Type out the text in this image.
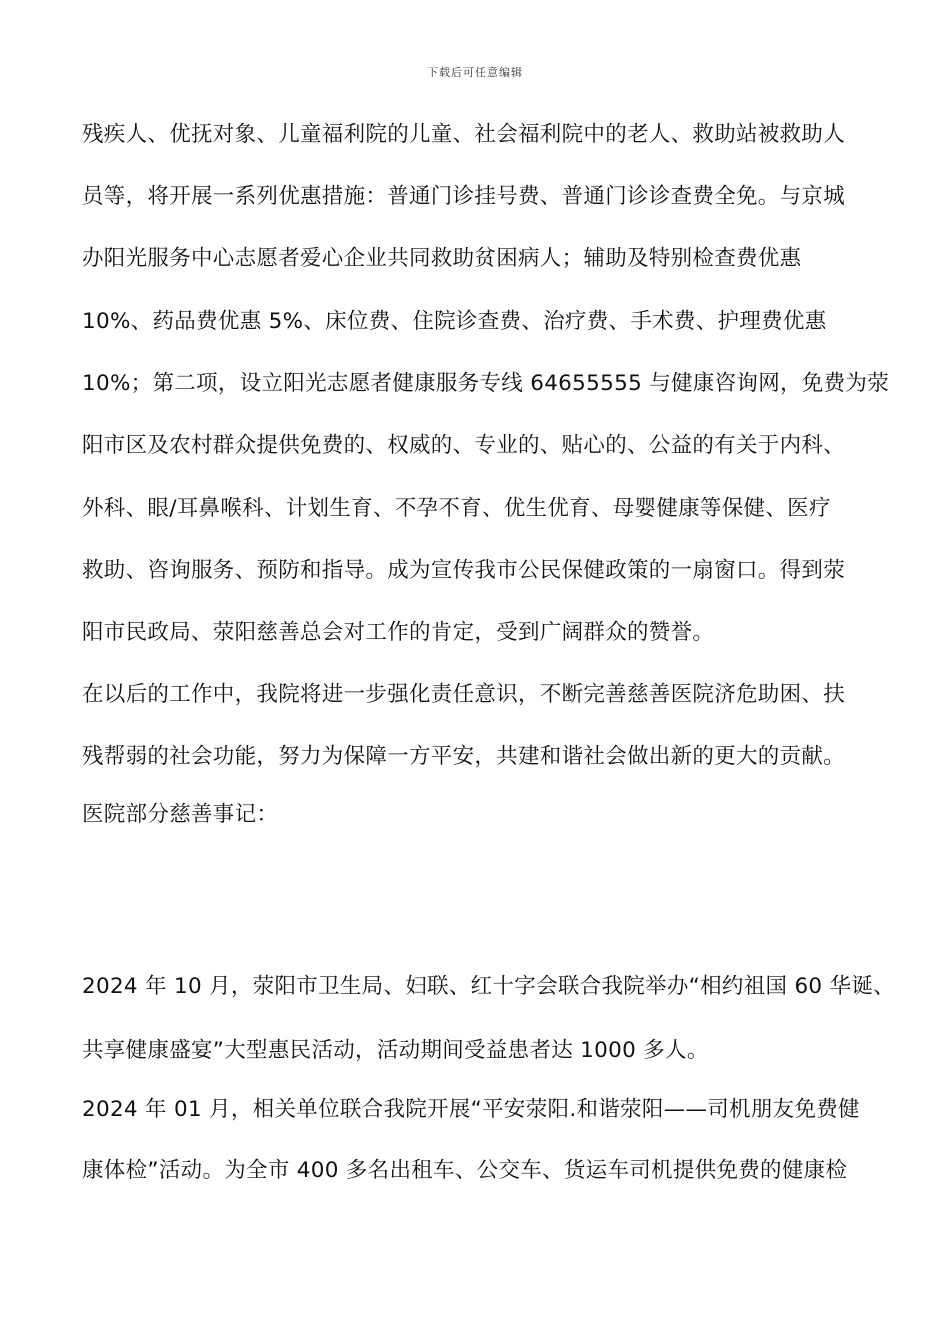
下载后可任意编辑
残疾人、优抚对象、儿童福利院的儿童、社会福利院中的老人、救助站被救助人
员等，将开展一系列优惠措施：普通门诊挂号费、普通门诊诊查费全免。与京城
办阳光服务中心志愿者爱心企业共同救助贫困病人；辅助及特别检查费优惠
10%、药品费优惠 5%、床位费、住院诊查费、治疗费、手术费、护理费优惠
10%；第二项，设立阳光志愿者健康服务专线 64655555 与健康咨询网，免费为荥
阳市区及农村群众提供免费的、权威的、专业的、贴心的、公益的有关于内科、
外科、眼/耳鼻喉科、计划生育、不孕不育、优生优育、母婴健康等保健、医疗
救助、咨询服务、预防和指导。成为宣传我市公民保健政策的一扇窗口。得到荥
阳市民政局、荥阳慈善总会对工作的肯定，受到广阔群众的赞誉。
在以后的工作中，我院将进一步强化责任意识，不断完善慈善医院济危助困、扶
残帮弱的社会功能，努力为保障一方平安，共建和谐社会做出新的更大的贡献。
医院部分慈善事记：
2024 年 10 月，荥阳市卫生局、妇联、红十字会联合我院举办“相约祖国 60 华诞、
共享健康盛宴”大型惠民活动，活动期间受益患者达 1000 多人。
2024 年 01 月，相关单位联合我院开展“平安荥阳.和谐荥阳——司机朋友免费健
康体检”活动。为全市 400 多名出租车、公交车、货运车司机提供免费的健康检
